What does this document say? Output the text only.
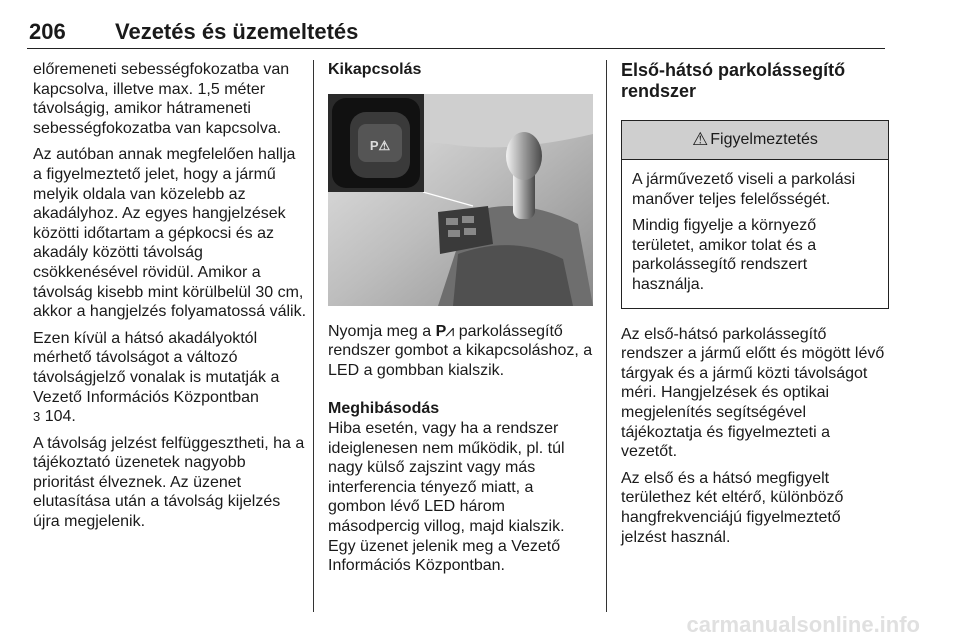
206 Vezetés és üzemeltetés

előremeneti sebességfokozatba van kapcsolva, illetve max. 1,5 méter távolságig, amikor hátrameneti sebességfokozatba van kapcsolva.

Az autóban annak megfelelően hallja a figyelmeztető jelet, hogy a jármű melyik oldala van közelebb az akadályhoz. Az egyes hangjelzések közötti időtartam a gépkocsi és az akadály közötti távolság csökkenésével rövidül. Amikor a távolság kisebb mint körülbelül 30 cm, akkor a hangjelzés folyamatossá válik.

Ezen kívül a hátsó akadályoktól mérhető távolságot a változó távolságjelző vonalak is mutatják a Vezető Információs Központban
3 104.

A távolság jelzést felfüggesztheti, ha a tájékoztató üzenetek nagyobb prioritást élveznek. Az üzenet elutasítása után a távolság kijelzés újra megjelenik.

Kikapcsolás
P⚠

Nyomja meg a P⩘ parkolássegítő rendszer gombot a kikapcsoláshoz, a LED a gombban kialszik.

Meghibásodás

Hiba esetén, vagy ha a rendszer ideiglenesen nem működik, pl. túl nagy külső zajszint vagy más interferencia tényező miatt, a gombon lévő LED három másodpercig villog, majd kialszik. Egy üzenet jelenik meg a Vezető Információs Központban.

Első-hátsó parkolássegítő rendszer
⚠ Figyelmeztetés

A járművezető viseli a parkolási manőver teljes felelősségét.

Mindig figyelje a környező területet, amikor tolat és a parkolássegítő rendszert használja.

Az első-hátsó parkolássegítő rendszer a jármű előtt és mögött lévő tárgyak és a jármű közti távolságot méri. Hangjelzések és optikai megjelenítés segítségével tájékoztatja és figyelmezteti a vezetőt.

Az első és a hátsó megfigyelt területhez két eltérő, különböző hangfrekvenciájú figyelmeztető jelzést használ.

carmanualsonline.info
